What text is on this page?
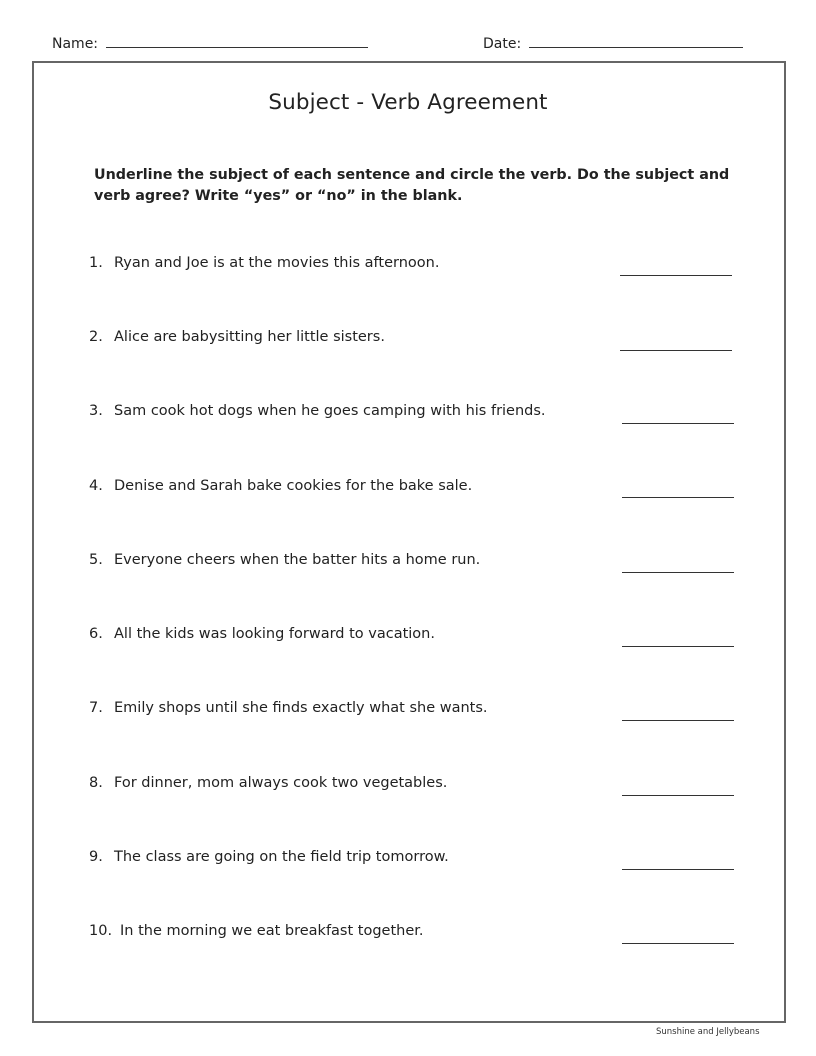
Name:	Date:
Subject - Verb Agreement
Underline the subject of each sentence and circle the verb. Do the subject and verb agree? Write “yes” or “no” in the blank.
1. Ryan and Joe is at the movies this afternoon.
2. Alice are babysitting her little sisters.
3. Sam cook hot dogs when he goes camping with his friends.
4. Denise and Sarah bake cookies for the bake sale.
5. Everyone cheers when the batter hits a home run.
6. All the kids was looking forward to vacation.
7. Emily shops until she finds exactly what she wants.
8. For dinner, mom always cook two vegetables.
9. The class are going on the field trip tomorrow.
10. In the morning we eat breakfast together.
Sunshine and Jellybeans
